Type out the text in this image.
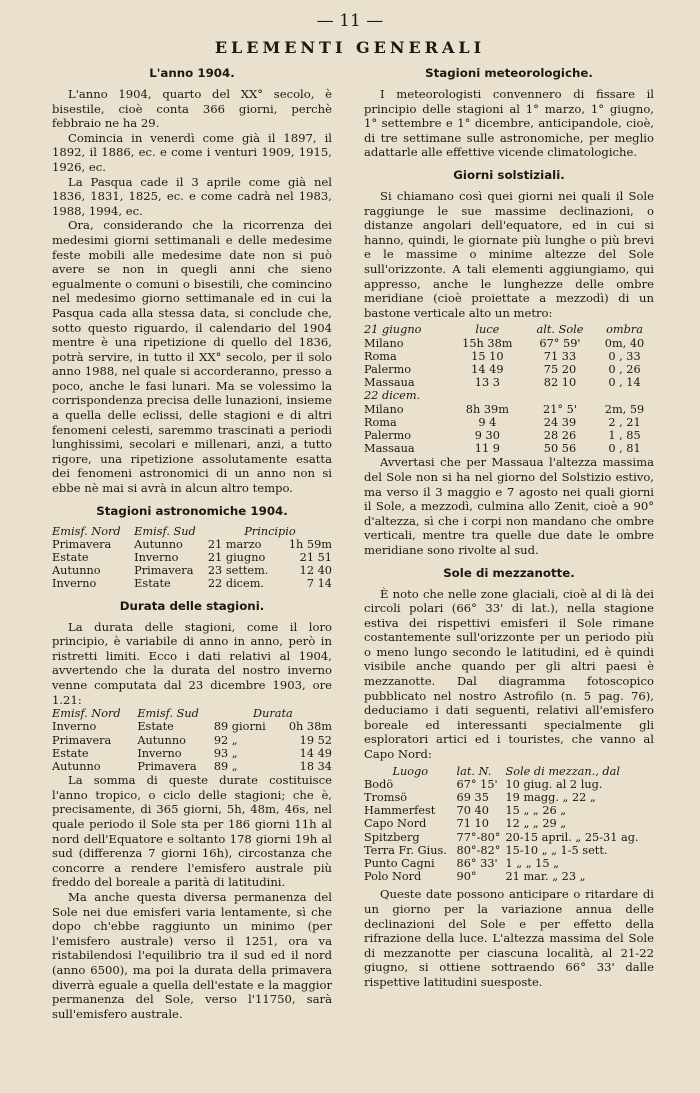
— 11 —
ELEMENTI GENERALI
L'anno 1904.

L'anno 1904, quarto del XX° secolo, è bisestile, cioè conta 366 giorni, perchè febbraio ne ha 29.

Comincia in venerdì come già il 1897, il 1892, il 1886, ec. e come i venturi 1909, 1915, 1926, ec.

La Pasqua cade il 3 aprile come già nel 1836, 1831, 1825, ec. e come cadrà nel 1983, 1988, 1994, ec.

Ora, considerando che la ricorrenza dei medesimi giorni settimanali e delle medesime feste mobili alle medesime date non si può avere se non in quegli anni che sieno egualmente o comuni o bisestili, che comincino nel medesimo giorno settimanale ed in cui la Pasqua cada alla stessa data, si conclude che, sotto questo riguardo, il calendario del 1904 mentre è una ripetizione di quello del 1836, potrà servire, in tutto il XX° secolo, per il solo anno 1988, nel quale si accorderanno, presso a poco, anche le fasi lunari. Ma se volessimo la corrispondenza precisa delle lunazioni, insieme a quella delle eclissi, delle stagioni e di altri fenomeni celesti, saremmo trascinati a periodi lunghissimi, secolari e millenari, anzi, a tutto rigore, una ripetizione assolutamente esatta dei fenomeni astronomici di un anno non si ebbe nè mai si avrà in alcun altro tempo.

Stagioni astronomiche 1904.
Emisf. Nord	Emisf. Sud	Principio	
Primavera	Autunno	21 marzo	1h 59m
Estate	Inverno	21 giugno	21 51
Autunno	Primavera	23 settem.	12 40
Inverno	Estate	22 dicem.	7 14
Durata delle stagioni.

La durata delle stagioni, come il loro principio, è variabile di anno in anno, però in ristretti limiti. Ecco i dati relativi al 1904, avvertendo che la durata del nostro inverno venne computata dal 23 dicembre 1903, ore 1.21:

Emisf. Nord	Emisf. Sud	Durata	
Inverno	Estate	89 giorni	0h 38m
Primavera	Autunno	92 „	19 52
Estate	Inverno	93 „	14 49
Autunno	Primavera	89 „	18 34

La somma di queste durate costituisce l'anno tropico, o ciclo delle stagioni; che è, precisamente, di 365 giorni, 5h, 48m, 46s, nel quale periodo il Sole sta per 186 giorni 11h al nord dell'Equatore e soltanto 178 giorni 19h al sud (differenza 7 giorni 16h), circostanza che concorre a rendere l'emisfero australe più freddo del boreale a parità di latitudini.

Ma anche questa diversa permanenza del Sole nei due emisferi varia lentamente, sì che dopo ch'ebbe raggiunto un minimo (per l'emisfero australe) verso il 1251, ora va ristabilendosi l'equilibrio tra il sud ed il nord (anno 6500), ma poi la durata della primavera diverrà eguale a quella dell'estate e la maggior permanenza del Sole, verso l'11750, sarà sull'emisfero australe.

Stagioni meteorologiche.

I meteorologisti convennero di fissare il principio delle stagioni al 1° marzo, 1° giugno, 1° settembre e 1° dicembre, anticipandole, cioè, di tre settimane sulle astronomiche, per meglio adattarle alle effettive vicende climatologiche.

Giorni solstiziali.

Si chiamano così quei giorni nei quali il Sole raggiunge le sue massime declinazioni, o distanze angolari dell'equatore, ed in cui si hanno, quindi, le giornate più lunghe o più brevi e le massime o minime altezze del Sole sull'orizzonte. A tali elementi aggiungiamo, qui appresso, anche le lunghezze delle ombre meridiane (cioè proiettate a mezzodì) di un bastone verticale alto un metro:

21 giugno	luce	alt. Sole	ombra
Milano	15h 38m	67° 59'	0m, 40
Roma	15 10	71 33	0 , 33
Palermo	14 49	75 20	0 , 26
Massaua	13 3	82 10	0 , 14
22 dicem.			
Milano	8h 39m	21° 5'	2m, 59
Roma	9 4	24 39	2 , 21
Palermo	9 30	28 26	1 , 85
Massaua	11 9	50 56	0 , 81

Avvertasi che per Massaua l'altezza massima del Sole non si ha nel giorno del Solstizio estivo, ma verso il 3 maggio e 7 agosto nei quali giorni il Sole, a mezzodì, culmina allo Zenit, cioè a 90° d'altezza, sì che i corpi non mandano che ombre verticali, mentre tra quelle due date le ombre meridiane sono rivolte al sud.

Sole di mezzanotte.

È noto che nelle zone glaciali, cioè al di là dei circoli polari (66° 33' di lat.), nella stagione estiva dei rispettivi emisferi il Sole rimane costantemente sull'orizzonte per un periodo più o meno lungo secondo le latitudini, ed è quindi visibile anche quando per gli altri paesi è mezzanotte. Dal diagramma fotoscopico pubblicato nel nostro Astrofilo (n. 5 pag. 76), deduciamo i dati seguenti, relativi all'emisfero boreale ed interessanti specialmente gli esploratori artici ed i touristes, che vanno al Capo Nord:

Luogo	lat. N.	Sole di mezzan., dal
Bodö	67° 15'	10 giug. al 2 lug.
Tromsö	69 35	19 magg. „ 22 „
Hammerfest	70 40	15 „ „ 26 „
Capo Nord	71 10	12 „ „ 29 „
Spitzberg	77°-80°	20-15 april. „ 25-31 ag.
Terra Fr. Gius.	80°-82°	15-10 „ „ 1-5 sett.
Punto Cagni	86° 33'	1 „ „ 15 „
Polo Nord	90°	21 mar. „ 23 „

Queste date possono anticipare o ritardare di un giorno per la variazione annua delle declinazioni del Sole e per effetto della rifrazione della luce. L'altezza massima del Sole di mezzanotte per ciascuna località, al 21-22 giugno, si ottiene sottraendo 66° 33' dalle rispettive latitudini suesposte.
